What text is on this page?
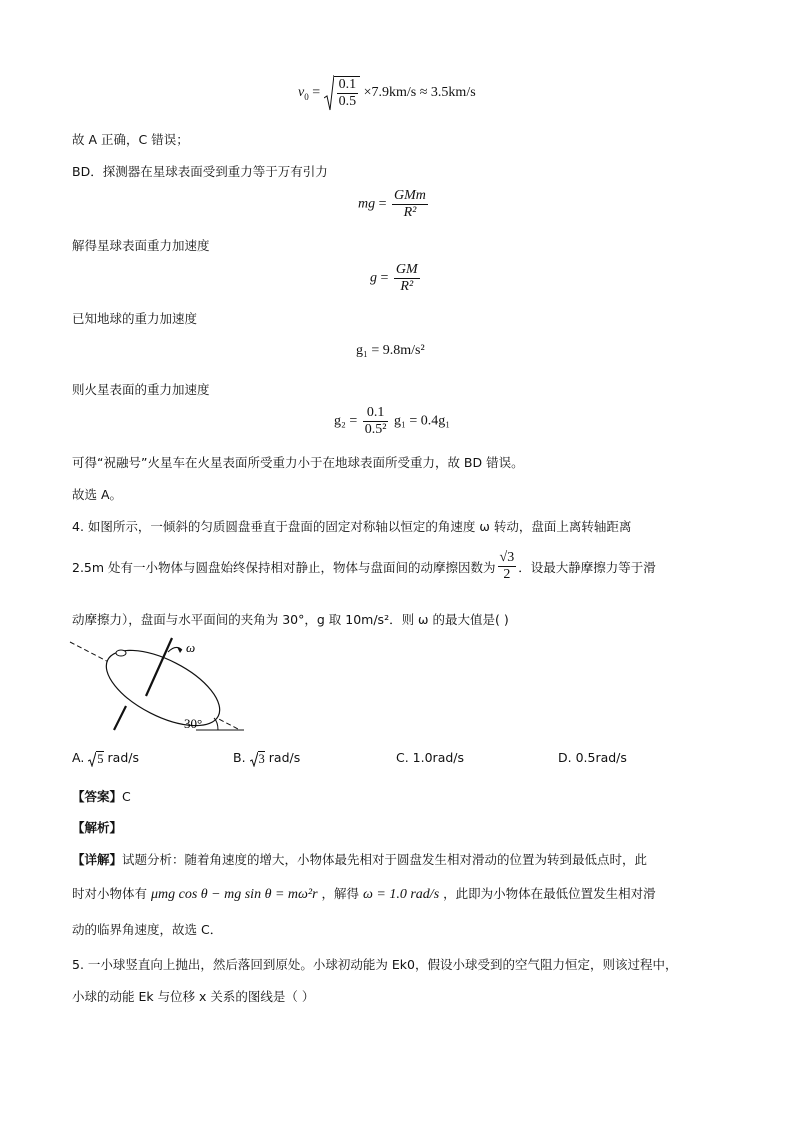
$v_0 = \frac{0.1}{0.5} \times 7.9km/s \approx 3.5km/s$
故 A 正确，C 错误；
BD．探测器在星球表面受到重力等于万有引力
mg = $\frac{\text{GMm}}{\text{R²}}$
解得星球表面重力加速度
$g = \frac{GM}{\text{R²}}$
已知地球的重力加速度
g₁ = 9.8m/s²
则火星表面的重力加速度
$g_2 = \frac{0.1}{\text{0.5²}} g_1 = 0.4g_1$
可得“祝融号”火星车在火星表面所受重力小于在地球表面所受重力，故 BD 错误。
故选 A。
4. 如图所示，一倾斜的匀质圆盘垂直于盘面的固定对称轴以恒定的角速度 ω 转动，盘面上离转轴距离
2.5m 处有一小物体与圆盘始终保持相对静止，物体与盘面间的动摩擦因数为 $\frac{√3}{2}$ ．设最大静摩擦力等于滑
动摩擦力），盘面与水平面间的夹角为 30°，g 取 10m/s²．则 ω 的最大值是( )
ω
30°
A. 5 rad/s	B. 3 rad/s	C. 1.0rad/s	D. 0.5rad/s
【答案】C
【解析】
【详解】试题分析：随着角速度的增大，小物体最先相对于圆盘发生相对滑动的位置为转到最低点时，此
时对小物体有 μmg cos θ − mg sin θ = mω²r ，解得 ω = 1.0 rad/s ，此即为小物体在最低位置发生相对滑
动的临界角速度，故选 C．
5. 一小球竖直向上抛出，然后落回到原处。小球初动能为 Ek0，假设小球受到的空气阻力恒定，则该过程中，
小球的动能 Ek 与位移 x 关系的图线是（ ）
